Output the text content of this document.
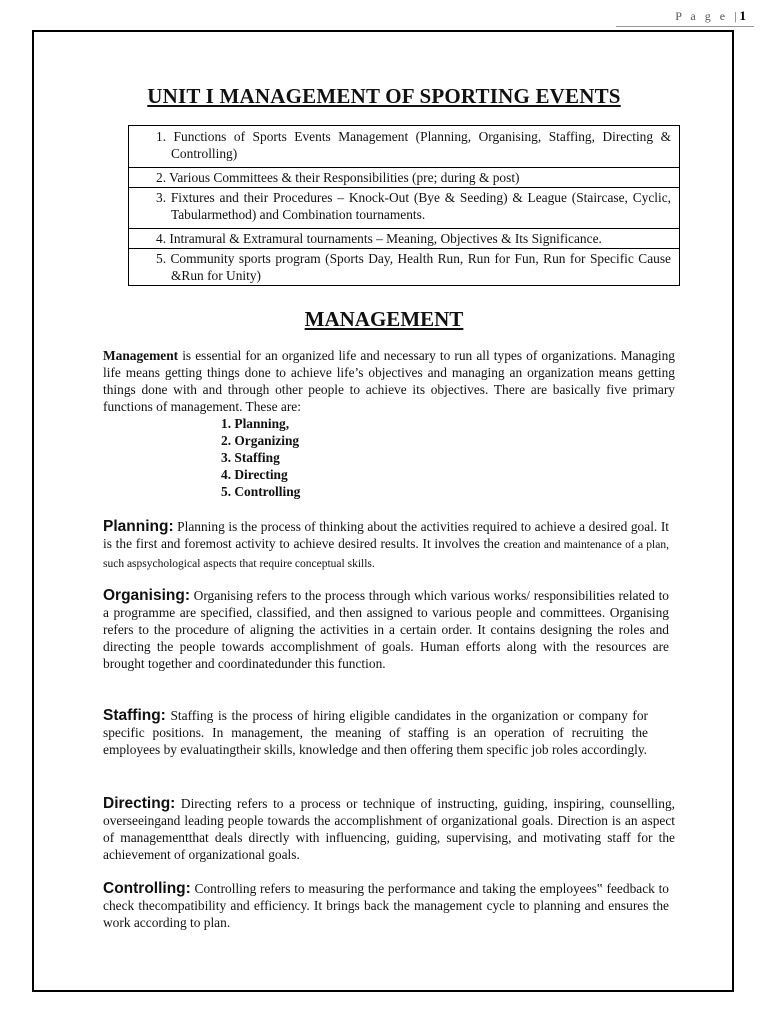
P a g e |1
UNIT I MANAGEMENT OF SPORTING EVENTS
1. Functions of Sports Events Management (Planning, Organising, Staffing, Directing & Controlling)
2. Various Committees & their Responsibilities (pre; during & post)
3. Fixtures and their Procedures – Knock-Out (Bye & Seeding) & League (Staircase, Cyclic, Tabularmethod) and Combination tournaments.
4. Intramural & Extramural tournaments – Meaning, Objectives & Its Significance.
5. Community sports program (Sports Day, Health Run, Run for Fun, Run for Specific Cause &Run for Unity)
MANAGEMENT
Management is essential for an organized life and necessary to run all types of organizations. Managing life means getting things done to achieve life’s objectives and managing an organization means getting things done with and through other people to achieve its objectives. There are basically five primary functions of management. These are:
1. Planning,
2. Organizing
3. Staffing
4. Directing
5. Controlling
Planning: Planning is the process of thinking about the activities required to achieve a desired goal. It is the first and foremost activity to achieve desired results. It involves the creation and maintenance of a plan, such aspsychological aspects that require conceptual skills.
Organising: Organising refers to the process through which various works/ responsibilities related to a programme are specified, classified, and then assigned to various people and committees. Organising refers to the procedure of aligning the activities in a certain order. It contains designing the roles and directing the people towards accomplishment of goals. Human efforts along with the resources are brought together and coordinatedunder this function.
Staffing: Staffing is the process of hiring eligible candidates in the organization or company for specific positions. In management, the meaning of staffing is an operation of recruiting the employees by evaluatingtheir skills, knowledge and then offering them specific job roles accordingly.
Directing: Directing refers to a process or technique of instructing, guiding, inspiring, counselling, overseeingand leading people towards the accomplishment of organizational goals. Direction is an aspect of managementthat deals directly with influencing, guiding, supervising, and motivating staff for the achievement of organizational goals.
Controlling: Controlling refers to measuring the performance and taking the employees‟ feedback to check thecompatibility and efficiency. It brings back the management cycle to planning and ensures the work according to plan.
